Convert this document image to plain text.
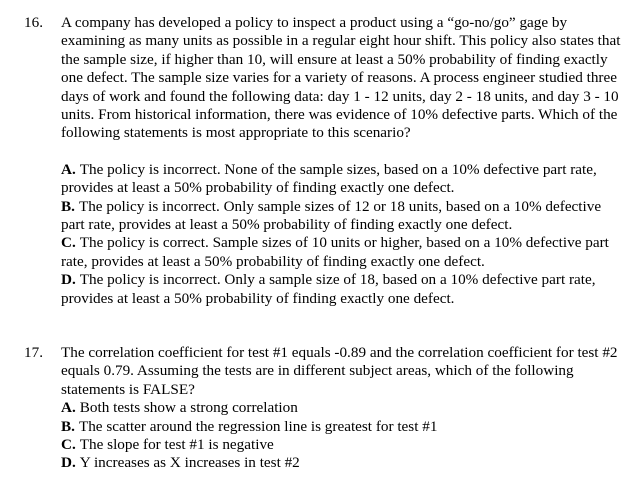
16.	A company has developed a policy to inspect a product using a “go-no/go” gage by examining as many units as possible in a regular eight hour shift. This policy also states that the sample size, if higher than 10, will ensure at least a 50% probability of finding exactly one defect. The sample size varies for a variety of reasons. A process engineer studied three days of work and found the following data: day 1 - 12 units, day 2 - 18 units, and day 3 - 10 units. From historical information, there was evidence of 10% defective parts. Which of the following statements is most appropriate to this scenario?
A. The policy is incorrect. None of the sample sizes, based on a 10% defective part rate, provides at least a 50% probability of finding exactly one defect.
B. The policy is incorrect. Only sample sizes of 12 or 18 units, based on a 10% defective part rate, provides at least a 50% probability of finding exactly one defect.
C. The policy is correct. Sample sizes of 10 units or higher, based on a 10% defective part rate, provides at least a 50% probability of finding exactly one defect.
D. The policy is incorrect. Only a sample size of 18, based on a 10% defective part rate, provides at least a 50% probability of finding exactly one defect.
17.	The correlation coefficient for test #1 equals -0.89 and the correlation coefficient for test #2 equals 0.79. Assuming the tests are in different subject areas, which of the following statements is FALSE?
A. Both tests show a strong correlation
B. The scatter around the regression line is greatest for test #1
C. The slope for test #1 is negative
D. Y increases as X increases in test #2
